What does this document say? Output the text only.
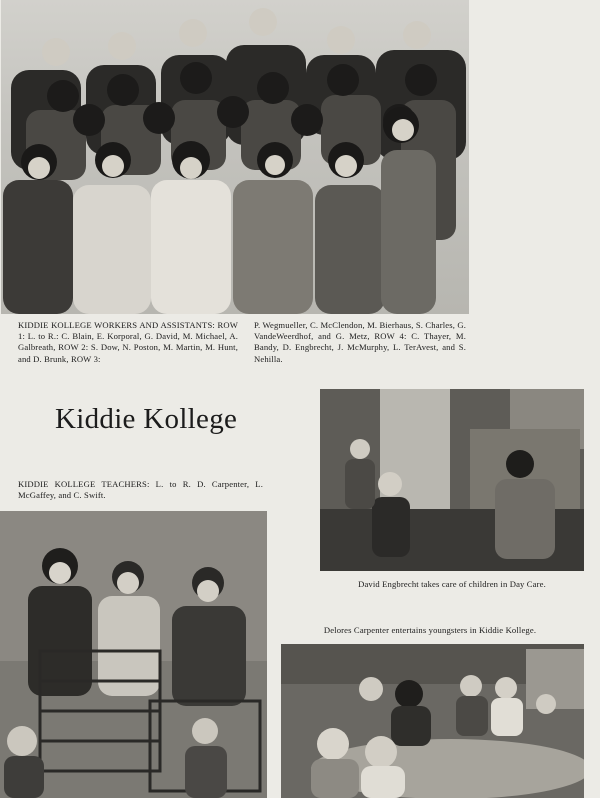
KIDDIE KOLLEGE WORKERS AND ASSISTANTS: ROW 1: L. to R.: C. Blain, E. Korporal, G. David, M. Michael, A. Galbreath, ROW 2: S. Dow, N. Poston, M. Martin, M. Hunt, and D. Brunk, ROW 3:
P. Wegmueller, C. McClendon, M. Bierhaus, S. Charles, G. VandeWeerdhof, and G. Metz, ROW 4: C. Thayer, M. Bandy, D. Engbrecht, J. McMurphy, L. TerAvest, and S. Nehilla.
Kiddie Kollege
David Engbrecht takes care of children in Day Care.
KIDDIE KOLLEGE TEACHERS: L. to R. D. Carpenter, L. McGaffey, and C. Swift.
Delores Carpenter entertains youngsters in Kiddie Kollege.
